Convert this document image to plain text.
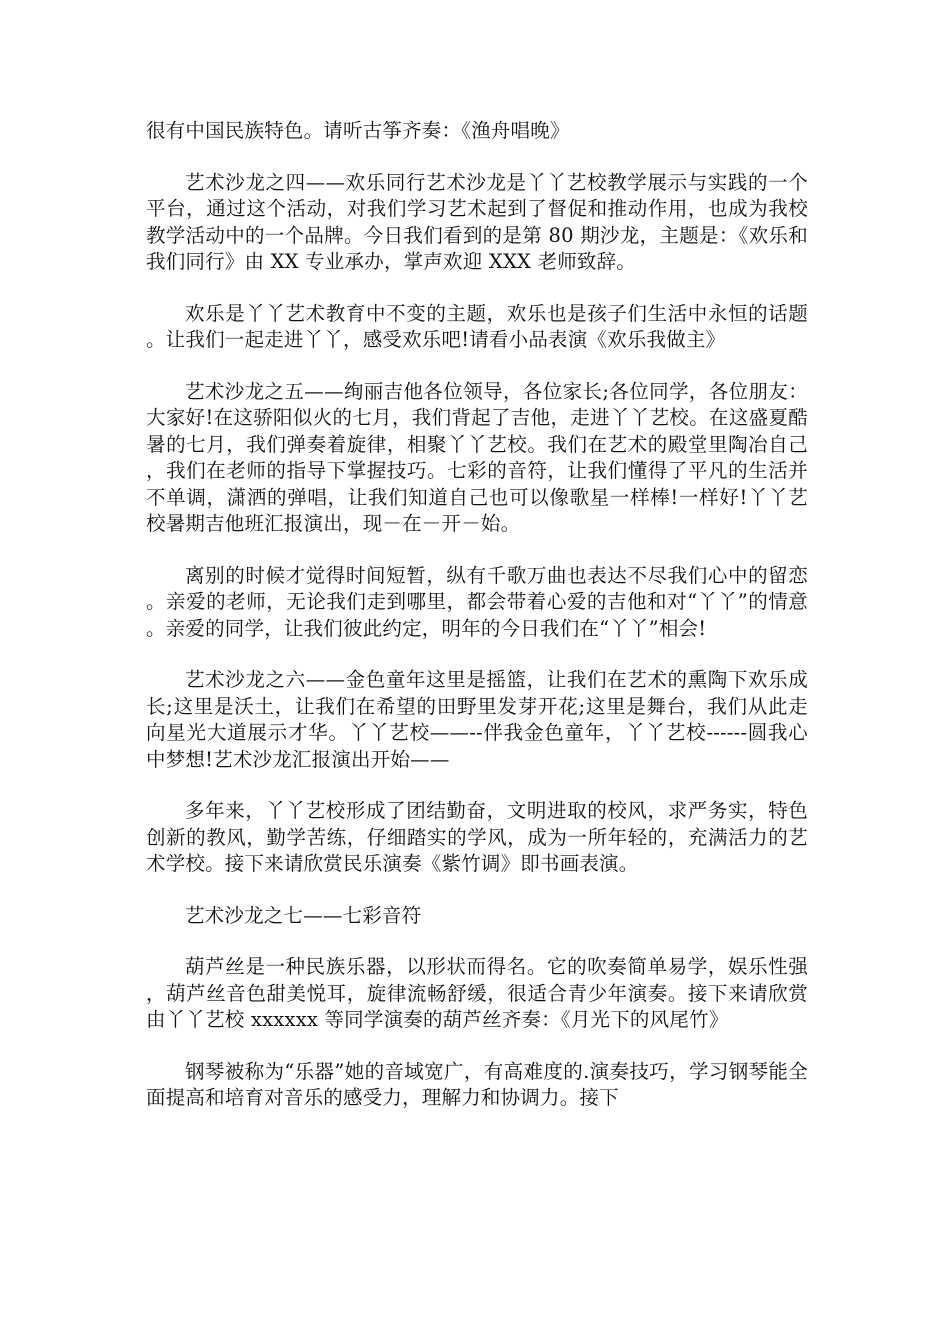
很有中国民族特色。请听古筝齐奏：《渔舟唱晚》

艺术沙龙之四——欢乐同行艺术沙龙是丫丫艺校教学展示与实践的一个平台，通过这个活动，对我们学习艺术起到了督促和推动作用，也成为我校教学活动中的一个品牌。今日我们看到的是第 80 期沙龙，主题是：《欢乐和我们同行》由 XX 专业承办，掌声欢迎 XXX 老师致辞。

欢乐是丫丫艺术教育中不变的主题，欢乐也是孩子们生活中永恒的话题。让我们一起走进丫丫，感受欢乐吧!请看小品表演《欢乐我做主》

艺术沙龙之五——绚丽吉他各位领导，各位家长;各位同学，各位朋友：大家好!在这骄阳似火的七月，我们背起了吉他，走进丫丫艺校。在这盛夏酷暑的七月，我们弹奏着旋律，相聚丫丫艺校。我们在艺术的殿堂里陶冶自己，我们在老师的指导下掌握技巧。七彩的音符，让我们懂得了平凡的生活并不单调，潇洒的弹唱，让我们知道自己也可以像歌星一样棒!一样好!丫丫艺校暑期吉他班汇报演出，现－在－开－始。

离别的时候才觉得时间短暂，纵有千歌万曲也表达不尽我们心中的留恋。亲爱的老师，无论我们走到哪里，都会带着心爱的吉他和对“丫丫”的情意。亲爱的同学，让我们彼此约定，明年的今日我们在“丫丫”相会!

艺术沙龙之六——金色童年这里是摇篮，让我们在艺术的熏陶下欢乐成长;这里是沃土，让我们在希望的田野里发芽开花;这里是舞台，我们从此走向星光大道展示才华。丫丫艺校——--伴我金色童年，丫丫艺校------圆我心中梦想!艺术沙龙汇报演出开始——

多年来，丫丫艺校形成了团结勤奋，文明进取的校风，求严务实，特色创新的教风，勤学苦练，仔细踏实的学风，成为一所年轻的，充满活力的艺术学校。接下来请欣赏民乐演奏《紫竹调》即书画表演。

艺术沙龙之七——七彩音符

葫芦丝是一种民族乐器，以形状而得名。它的吹奏简单易学，娱乐性强，葫芦丝音色甜美悦耳，旋律流畅舒缓，很适合青少年演奏。接下来请欣赏由丫丫艺校 xxxxxx 等同学演奏的葫芦丝齐奏：《月光下的风尾竹》

钢琴被称为“乐器”她的音域宽广，有高难度的.演奏技巧，学习钢琴能全面提高和培育对音乐的感受力，理解力和协调力。接下
